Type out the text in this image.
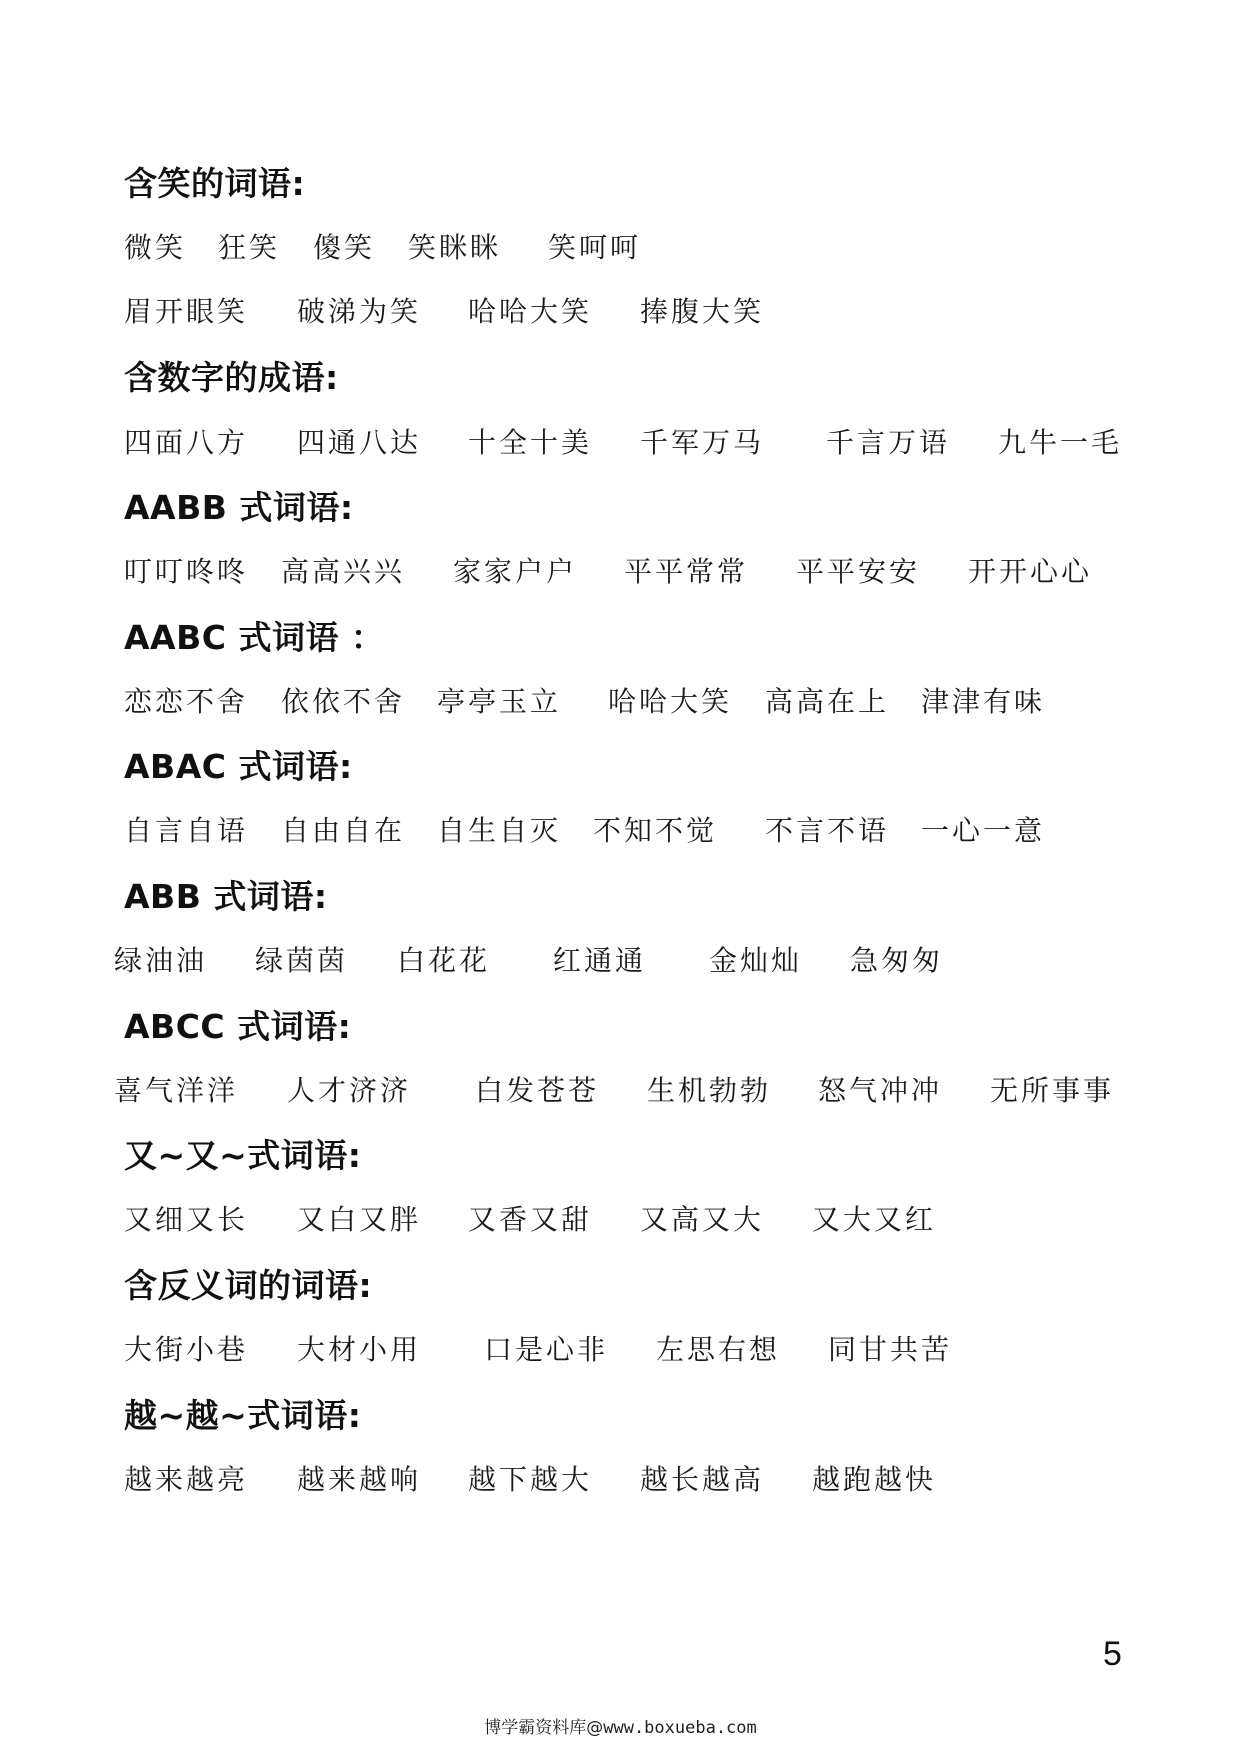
含笑的词语:
微笑 狂笑 傻笑 笑眯眯 笑呵呵
眉开眼笑 破涕为笑 哈哈大笑 捧腹大笑
含数字的成语:
四面八方 四通八达 十全十美 千军万马 千言万语 九牛一毛
AABB 式词语:
叮叮咚咚 高高兴兴 家家户户 平平常常 平平安安 开开心心
AABC 式词语 ：
恋恋不舍 依依不舍 亭亭玉立 哈哈大笑 高高在上 津津有味
ABAC 式词语:
自言自语 自由自在 自生自灭 不知不觉 不言不语 一心一意
ABB 式词语:
绿油油 绿茵茵 白花花 红通通 金灿灿 急匆匆
ABCC 式词语:
喜气洋洋 人才济济 白发苍苍 生机勃勃 怒气冲冲 无所事事
又~又~式词语:
又细又长 又白又胖 又香又甜 又高又大 又大又红
含反义词的词语:
大街小巷 大材小用 口是心非 左思右想 同甘共苦
越~越~式词语:
越来越亮 越来越响 越下越大 越长越高 越跑越快
5
博学霸资料库@www.boxueba.com
